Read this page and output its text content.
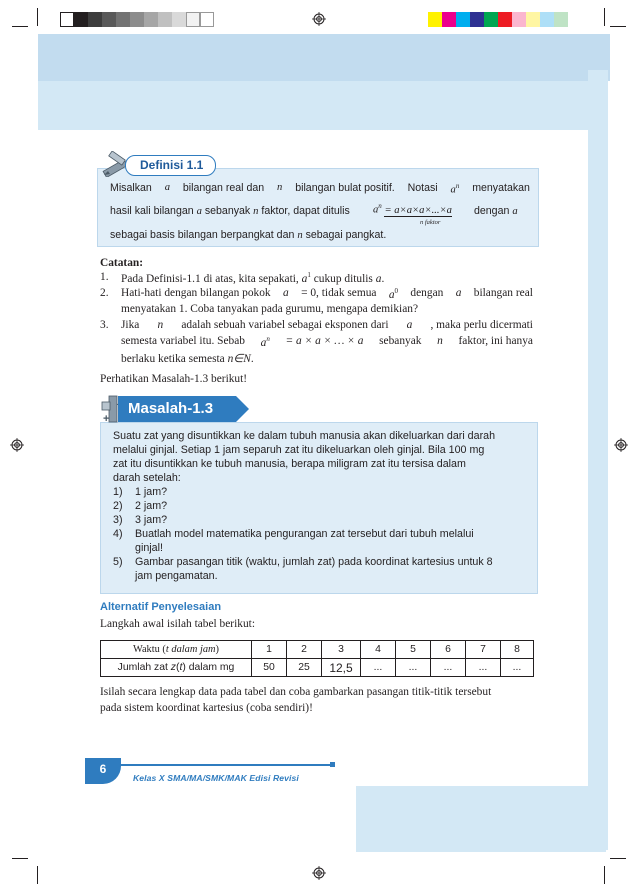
Definisi 1.1
Misalkan a bilangan real dan n bilangan bulat positif. Notasi $a^n$ menyatakan
hasil kali bilangan a sebanyak n faktor, dapat ditulis $a^n = a\times a\times a\times...\times a$
n faktor
dengan a
sebagai basis bilangan berpangkat dan n sebagai pangkat.
Catatan:
1. Pada Definisi-1.1 di atas, kita sepakati, $a^1$ cukup ditulis a.
2. Hati-hati dengan bilangan pokok a = 0, tidak semua $a^0$ dengan a bilangan real
menyatakan 1. Coba tanyakan pada gurumu, mengapa demikian?
3. Jika n adalah sebuah variabel sebagai eksponen dari a , maka perlu dicermati
semesta variabel itu. Sebab $a^n = a \times a$ × … × a sebanyak n faktor, ini hanya
berlaku ketika semesta n∈N.
Perhatikan Masalah-1.3 berikut!
+
Masalah-1.3
Suatu zat yang disuntikkan ke dalam tubuh manusia akan dikeluarkan dari darah
melalui ginjal. Setiap 1 jam separuh zat itu dikeluarkan oleh ginjal. Bila 100 mg
zat itu disuntikkan ke tubuh manusia, berapa miligram zat itu tersisa dalam
darah setelah:
1) 1 jam?
2) 2 jam?
3) 3 jam?
4) Buatlah model matematika pengurangan zat tersebut dari tubuh melalui
ginjal!
5) Gambar pasangan titik (waktu, jumlah zat) pada koordinat kartesius untuk 8
jam pengamatan.
Alternatif Penyelesaian
Langkah awal isilah tabel berikut:
Waktu (t dalam jam)	1	2	3	4	5	6	7	8
Jumlah zat z(t) dalam mg	50	25	12,5	...	...	...	...	...
Isilah secara lengkap data pada tabel dan coba gambarkan pasangan titik-titik tersebut
pada sistem koordinat kartesius (coba sendiri)!
6
Kelas X SMA/MA/SMK/MAK Edisi Revisi
